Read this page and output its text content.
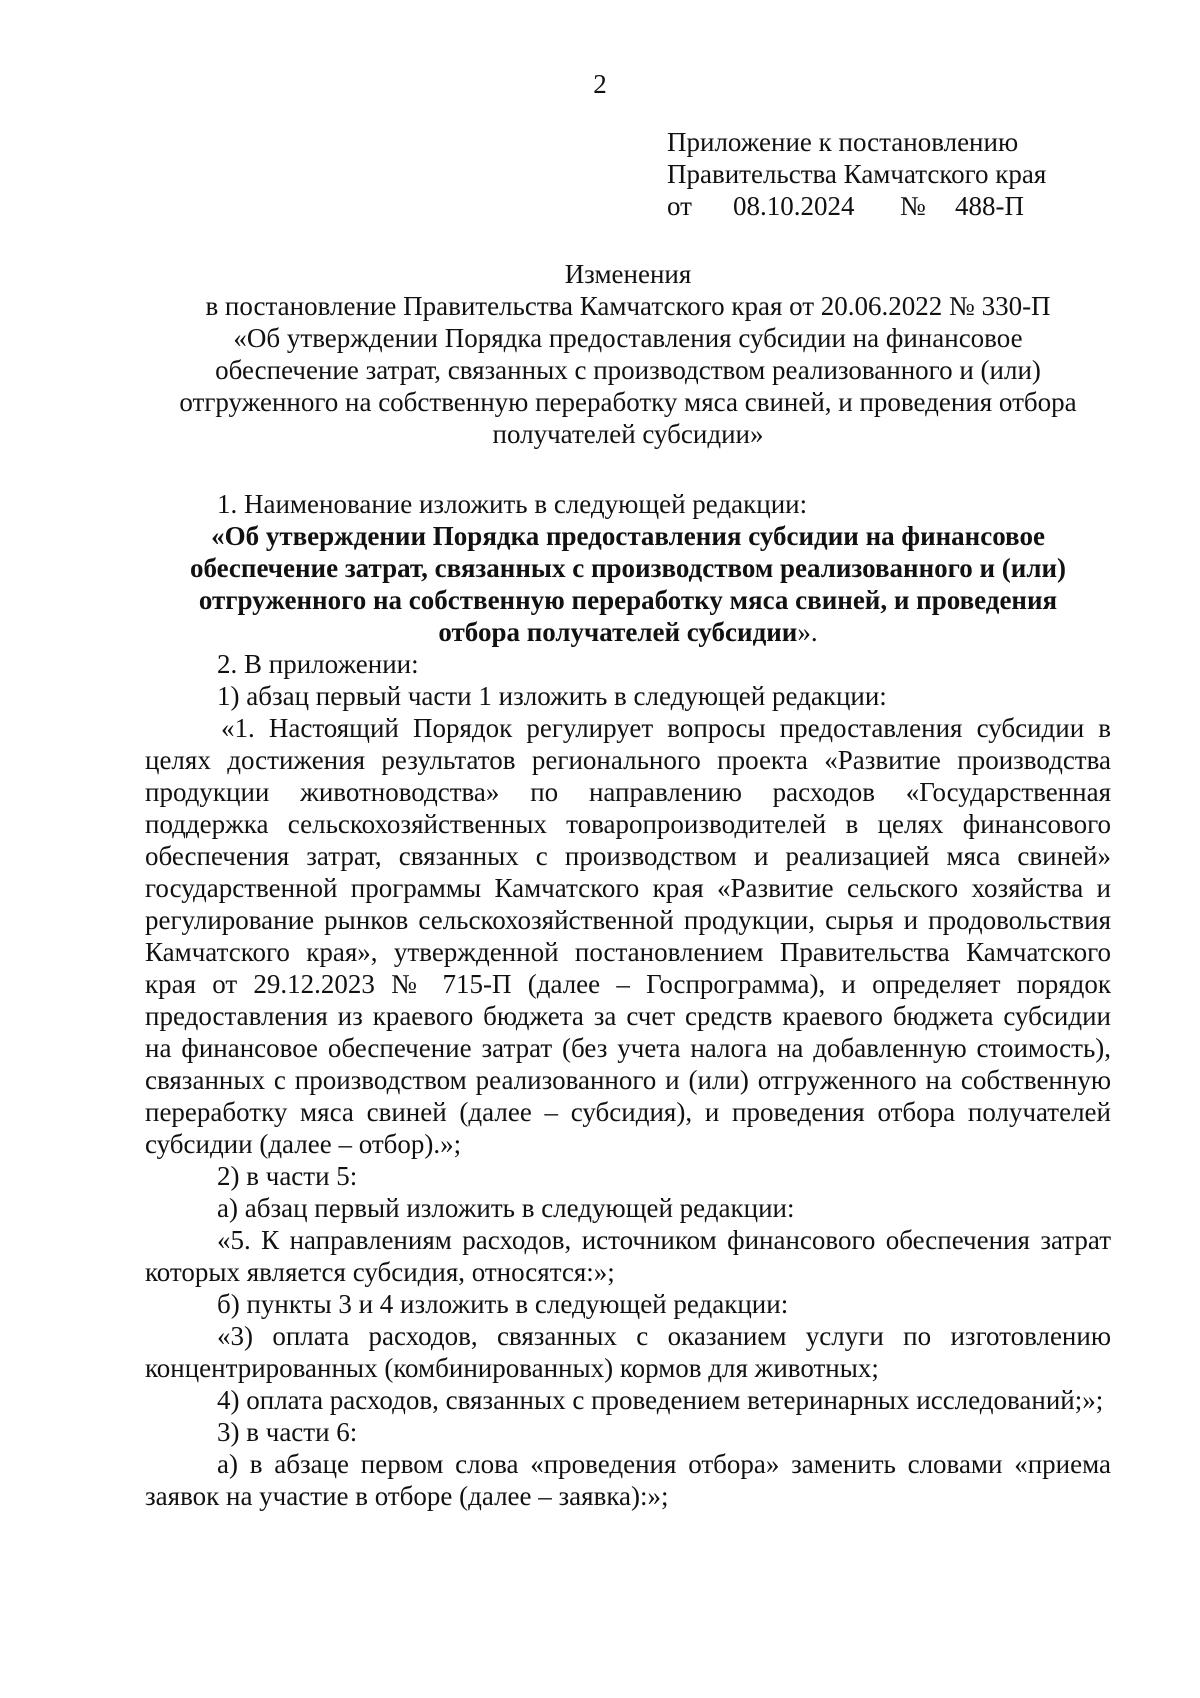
2
Приложение к постановлению
Правительства Камчатского края
от 08.10.2024 № 488-П
Изменения
в постановление Правительства Камчатского края от 20.06.2022 № 330-П
«Об утверждении Порядка предоставления субсидии на финансовое
обеспечение затрат, связанных с производством реализованного и (или)
отгруженного на собственную переработку мяса свиней, и проведения отбора
получателей субсидии»

1. Наименование изложить в следующей редакции:

«Об утверждении Порядка предоставления субсидии на финансовое
обеспечение затрат, связанных с производством реализованного и (или)
отгруженного на собственную переработку мяса свиней, и проведения
отбора получателей субсидии».

2. В приложении:

1) абзац первый части 1 изложить в следующей редакции:

«1. Настоящий Порядок регулирует вопросы предоставления субсидии в целях достижения результатов регионального проекта «Развитие производства продукции животноводства» по направлению расходов «Государственная поддержка сельскохозяйственных товаропроизводителей в целях финансового обеспечения затрат, связанных с производством и реализацией мяса свиней» государственной программы Камчатского края «Развитие сельского хозяйства и регулирование рынков сельскохозяйственной продукции, сырья и продовольствия Камчатского края», утвержденной постановлением Правительства Камчатского края от 29.12.2023 № 715-П (далее – Госпрограмма), и определяет порядок предоставления из краевого бюджета за счет средств краевого бюджета субсидии на финансовое обеспечение затрат (без учета налога на добавленную стоимость), связанных с производством реализованного и (или) отгруженного на собственную переработку мяса свиней (далее – субсидия), и проведения отбора получателей субсидии (далее – отбор).»;

2) в части 5:

а) абзац первый изложить в следующей редакции:

«5. К направлениям расходов, источником финансового обеспечения затрат которых является субсидия, относятся:»;

б) пункты 3 и 4 изложить в следующей редакции:

«3) оплата расходов, связанных с оказанием услуги по изготовлению концентрированных (комбинированных) кормов для животных;

4) оплата расходов, связанных с проведением ветеринарных исследований;»;

3) в части 6:

а) в абзаце первом слова «проведения отбора» заменить словами «приема заявок на участие в отборе (далее – заявка):»;
